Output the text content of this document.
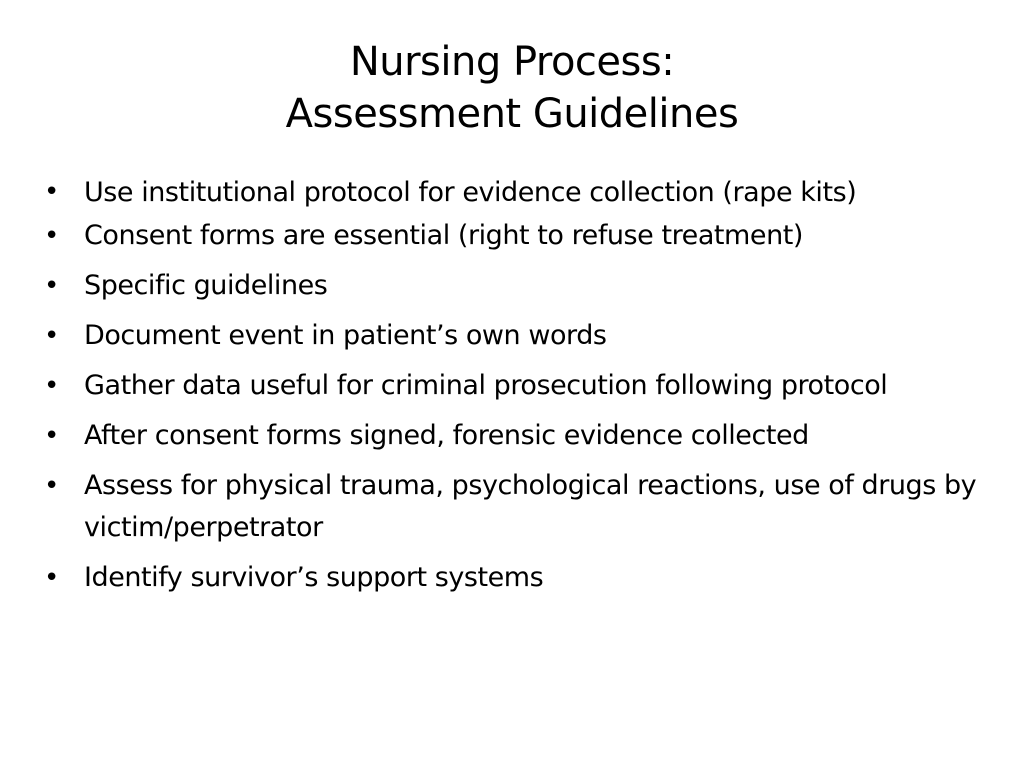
Nursing Process:
Assessment Guidelines
• Use institutional protocol for evidence collection (rape kits)
• Consent forms are essential (right to refuse treatment)
• Specific guidelines
• Document event in patient’s own words
• Gather data useful for criminal prosecution following protocol
• After consent forms signed, forensic evidence collected
• Assess for physical trauma, psychological reactions, use of drugs by victim/perpetrator
• Identify survivor’s support systems
